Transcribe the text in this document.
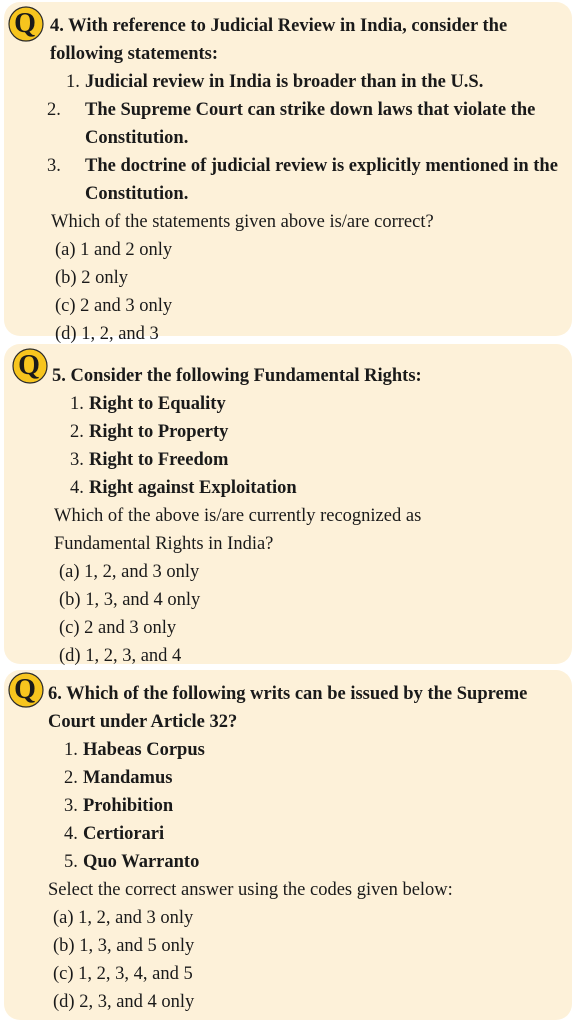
Q 4. With reference to Judicial Review in India, consider the following statements:
1. Judicial review in India is broader than in the U.S.
2. The Supreme Court can strike down laws that violate the Constitution.
3. The doctrine of judicial review is explicitly mentioned in the Constitution.
Which of the statements given above is/are correct?
(a) 1 and 2 only
(b) 2 only
(c) 2 and 3 only
(d) 1, 2, and 3
Q 5. Consider the following Fundamental Rights:
1. Right to Equality
2. Right to Property
3. Right to Freedom
4. Right against Exploitation
Which of the above is/are currently recognized as
Fundamental Rights in India?
(a) 1, 2, and 3 only
(b) 1, 3, and 4 only
(c) 2 and 3 only
(d) 1, 2, 3, and 4
Q 6. Which of the following writs can be issued by the Supreme Court under Article 32?
1. Habeas Corpus
2. Mandamus
3. Prohibition
4. Certiorari
5. Quo Warranto
Select the correct answer using the codes given below:
(a) 1, 2, and 3 only
(b) 1, 3, and 5 only
(c) 1, 2, 3, 4, and 5
(d) 2, 3, and 4 only
